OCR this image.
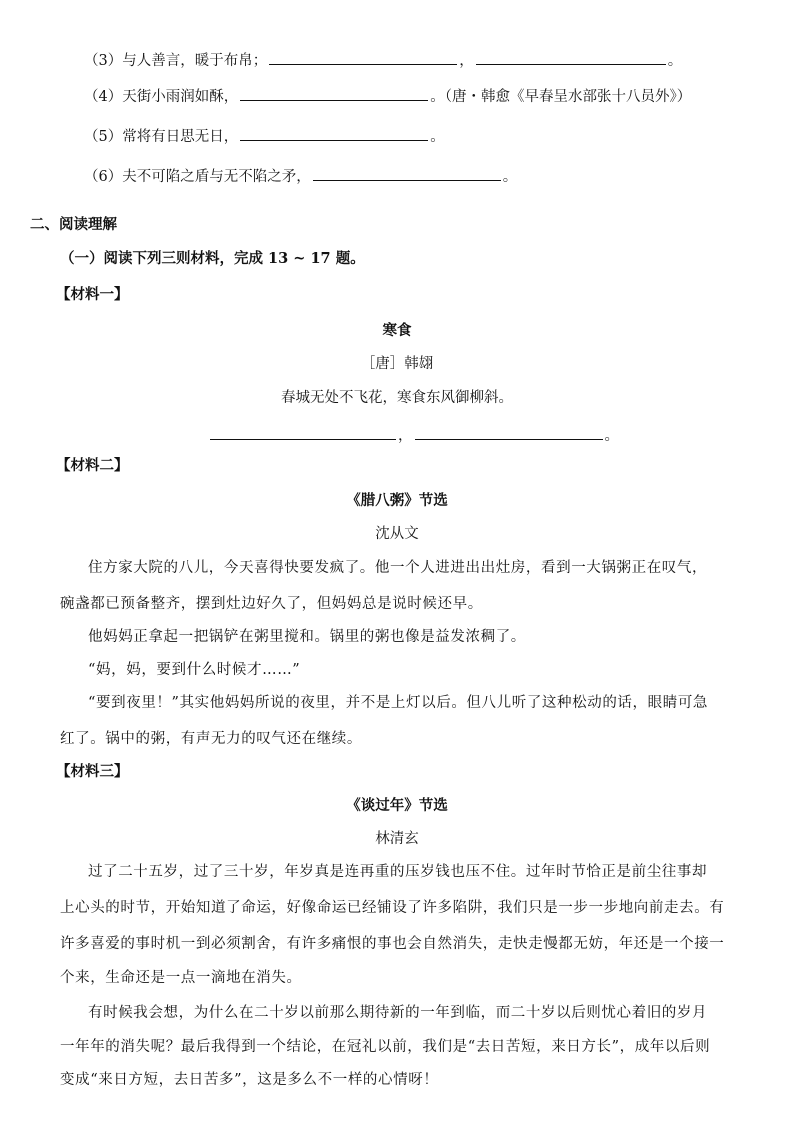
（3）与人善言，暖于布帛；	，	。
（4）天街小雨润如酥，	。（唐・韩愈《早春呈水部张十八员外》）
（5）常将有日思无日，	。
（6）夫不可陷之盾与无不陷之矛，	。
二、阅读理解
（一）阅读下列三则材料，完成 13 ~ 17 题。
【材料一】
寒食
［唐］韩翃
春城无处不飞花，寒食东风御柳斜。
，	。
【材料二】
《腊八粥》节选
沈从文
住方家大院的八儿，今天喜得快要发疯了。他一个人进进出出灶房，看到一大锅粥正在叹气，
碗盏都已预备整齐，摆到灶边好久了，但妈妈总是说时候还早。
他妈妈正拿起一把锅铲在粥里搅和。锅里的粥也像是益发浓稠了。
“妈，妈，要到什么时候才……”
“要到夜里！”其实他妈妈所说的夜里，并不是上灯以后。但八儿听了这种松动的话，眼睛可急
红了。锅中的粥，有声无力的叹气还在继续。
【材料三】
《谈过年》节选
林清玄
过了二十五岁，过了三十岁，年岁真是连再重的压岁钱也压不住。过年时节恰正是前尘往事却
上心头的时节，开始知道了命运，好像命运已经铺设了许多陷阱，我们只是一步一步地向前走去。有
许多喜爱的事时机一到必须割舍，有许多痛恨的事也会自然消失，走快走慢都无妨，年还是一个接一
个来，生命还是一点一滴地在消失。
有时候我会想，为什么在二十岁以前那么期待新的一年到临，而二十岁以后则忧心着旧的岁月
一年年的消失呢？最后我得到一个结论，在冠礼以前，我们是“去日苦短，来日方长”，成年以后则
变成“来日方短，去日苦多”，这是多么不一样的心情呀！
